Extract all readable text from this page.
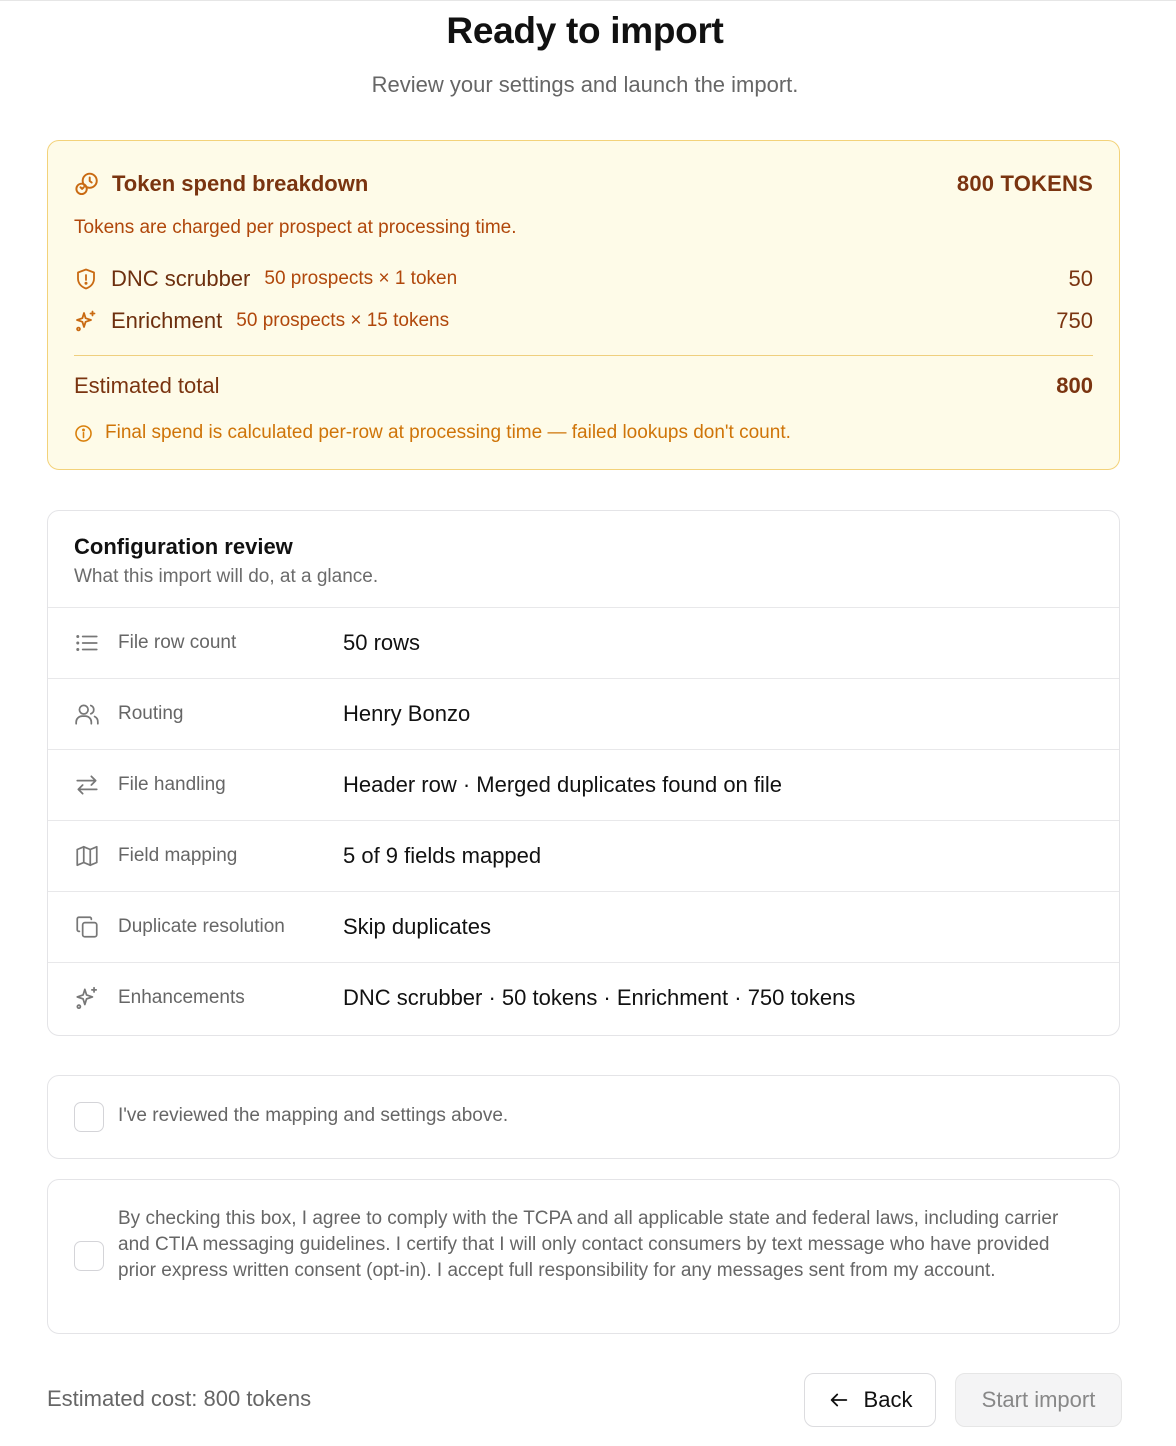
Ready to import
Review your settings and launch the import.
Token spend breakdown	800 TOKENS
Tokens are charged per prospect at processing time.
DNC scrubber 50 prospects × 1 token	50
Enrichment 50 prospects × 15 tokens	750
Estimated total	800
Final spend is calculated per-row at processing time — failed lookups don't count.
Configuration review
What this import will do, at a glance.
File row count	50 rows
Routing	Henry Bonzo
File handling	Header row · Merged duplicates found on file
Field mapping	5 of 9 fields mapped
Duplicate resolution	Skip duplicates
Enhancements	DNC scrubber · 50 tokens · Enrichment · 750 tokens
I've reviewed the mapping and settings above.
By checking this box, I agree to comply with the TCPA and all applicable state and federal laws, including carrier and CTIA messaging guidelines. I certify that I will only contact consumers by text message who have provided prior express written consent (opt-in). I accept full responsibility for any messages sent from my account.
Estimated cost: 800 tokens	Back	Start import
